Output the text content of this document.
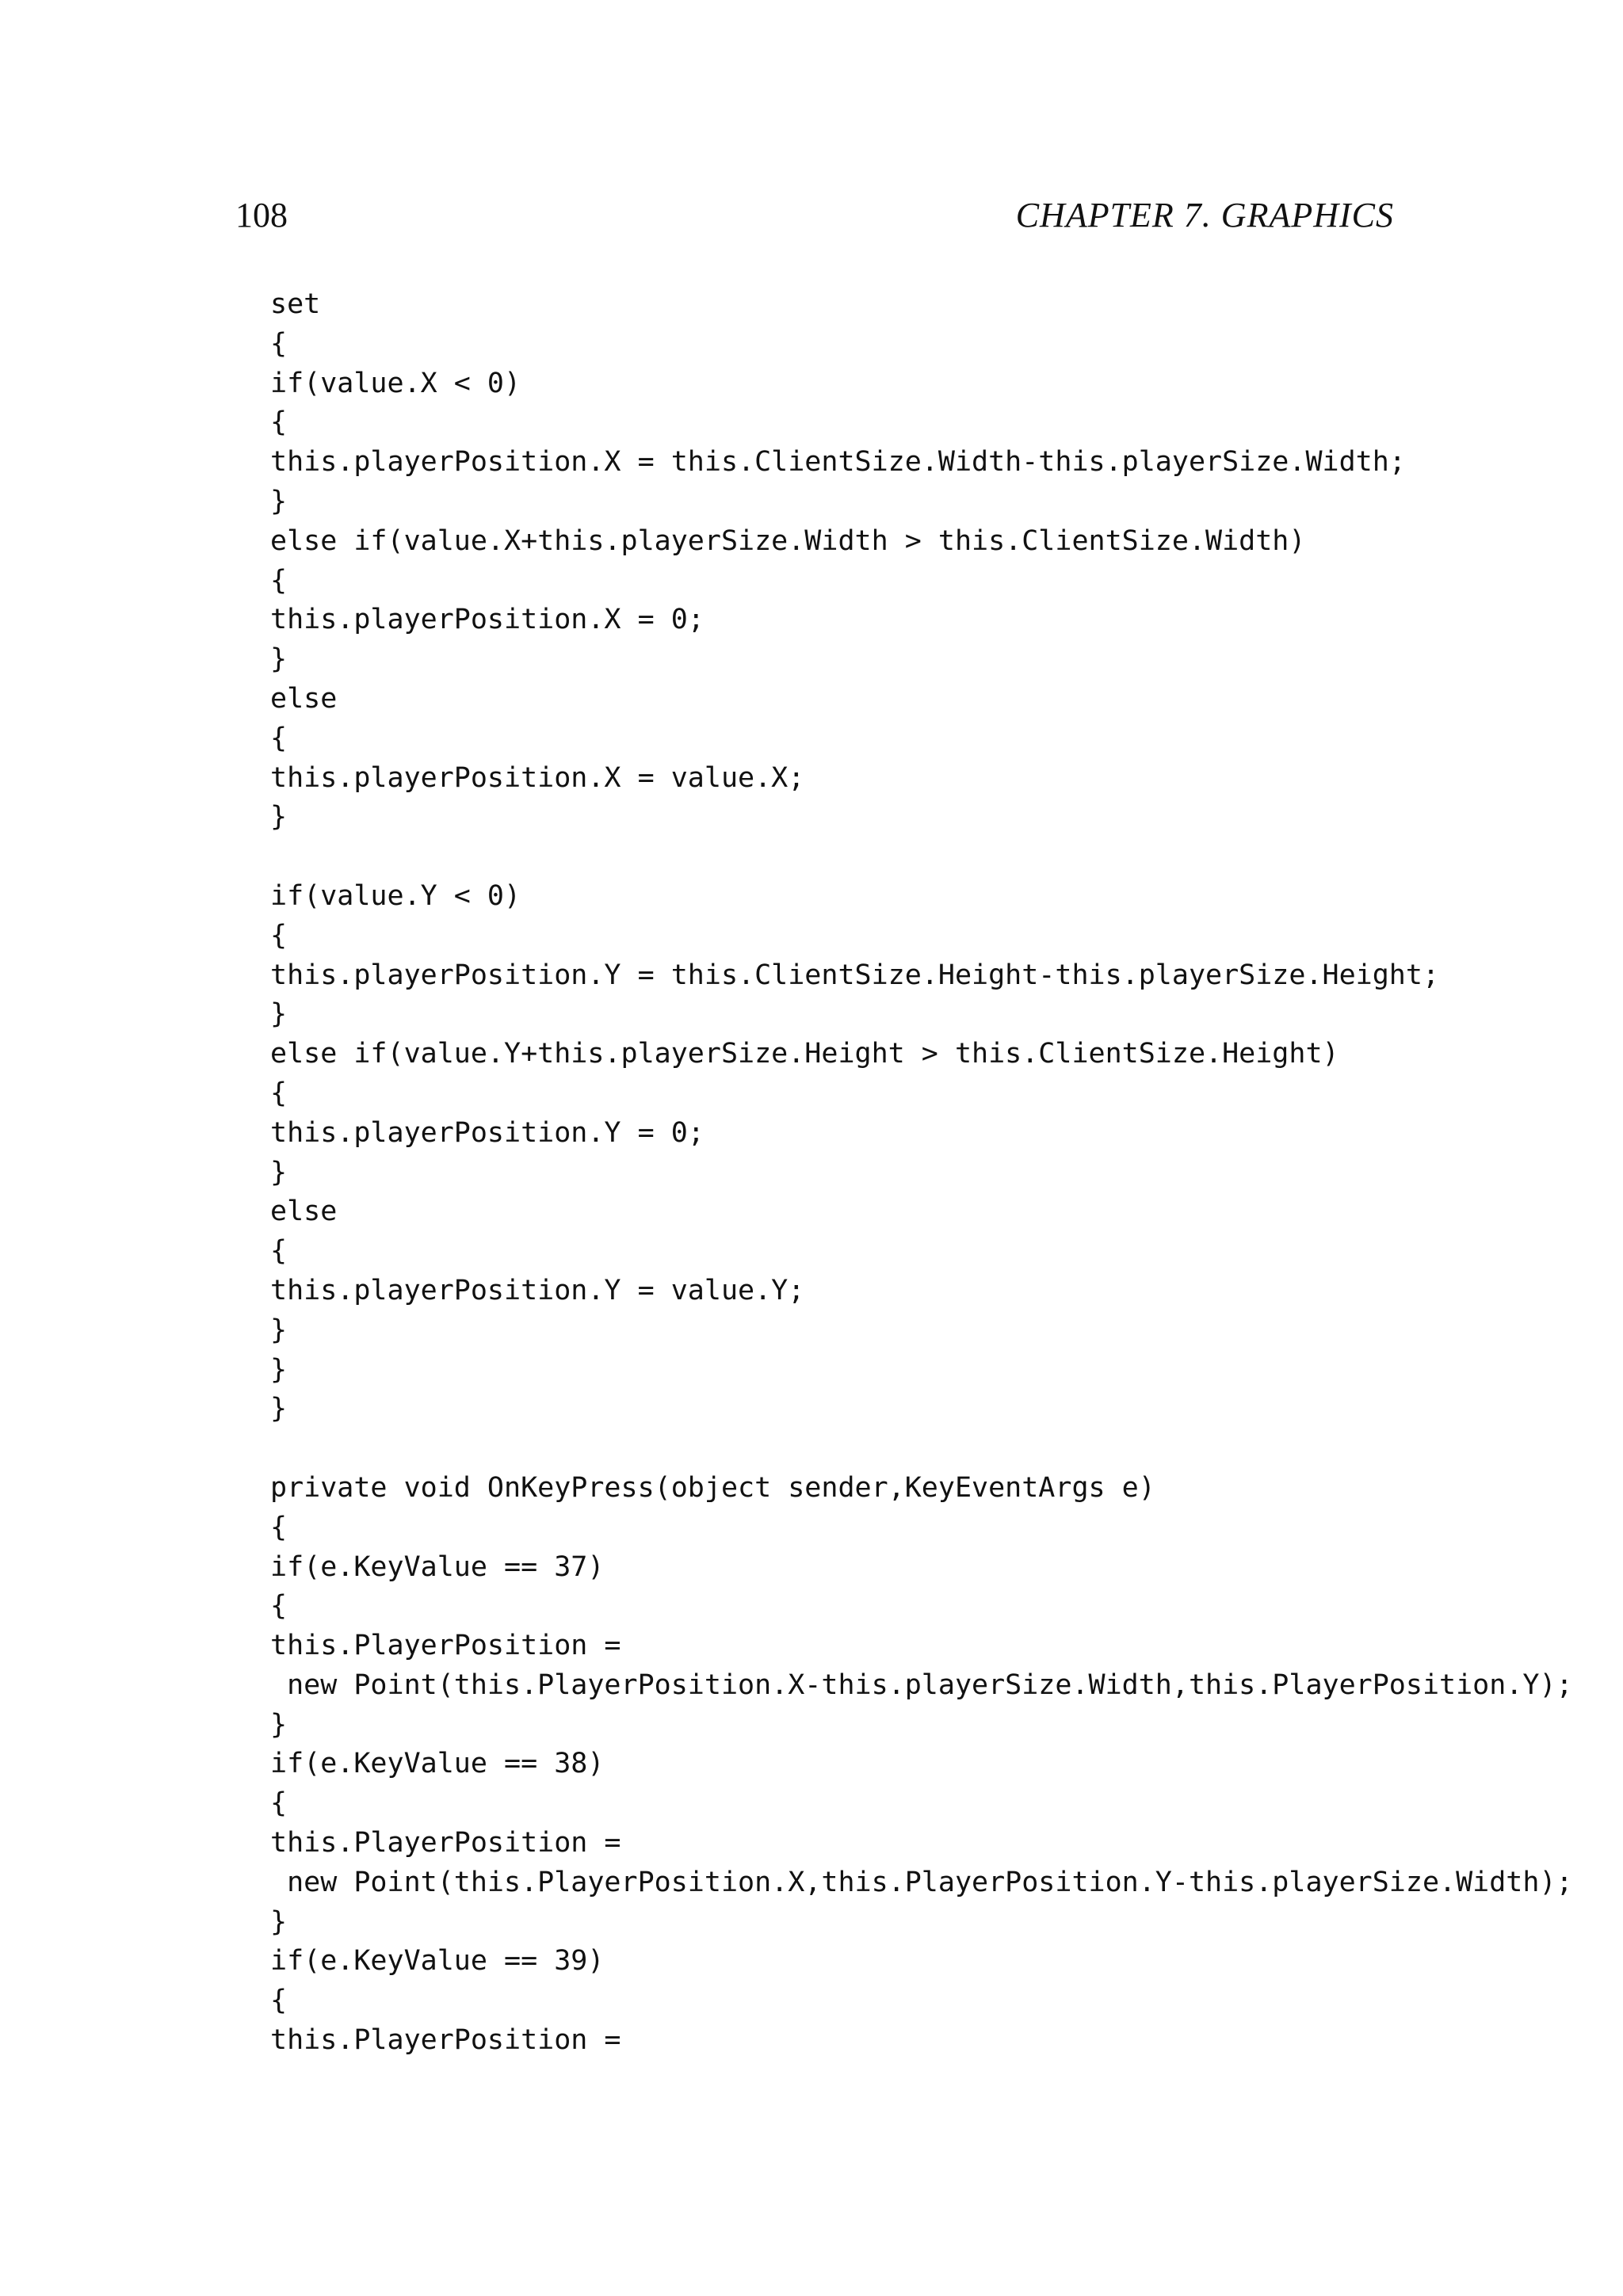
108	CHAPTER 7. GRAPHICS
set
{
if(value.X < 0)
{
this.playerPosition.X = this.ClientSize.Width-this.playerSize.Width;
}
else if(value.X+this.playerSize.Width > this.ClientSize.Width)
{
this.playerPosition.X = 0;
}
else
{
this.playerPosition.X = value.X;
}
if(value.Y < 0)
{
this.playerPosition.Y = this.ClientSize.Height-this.playerSize.Height;
}
else if(value.Y+this.playerSize.Height > this.ClientSize.Height)
{
this.playerPosition.Y = 0;
}
else
{
this.playerPosition.Y = value.Y;
}
}
}
private void OnKeyPress(object sender,KeyEventArgs e)
{
if(e.KeyValue == 37)
{
this.PlayerPosition =
new Point(this.PlayerPosition.X-this.playerSize.Width,this.PlayerPosition.Y);
}
if(e.KeyValue == 38)
{
this.PlayerPosition =
new Point(this.PlayerPosition.X,this.PlayerPosition.Y-this.playerSize.Width);
}
if(e.KeyValue == 39)
{
this.PlayerPosition =
